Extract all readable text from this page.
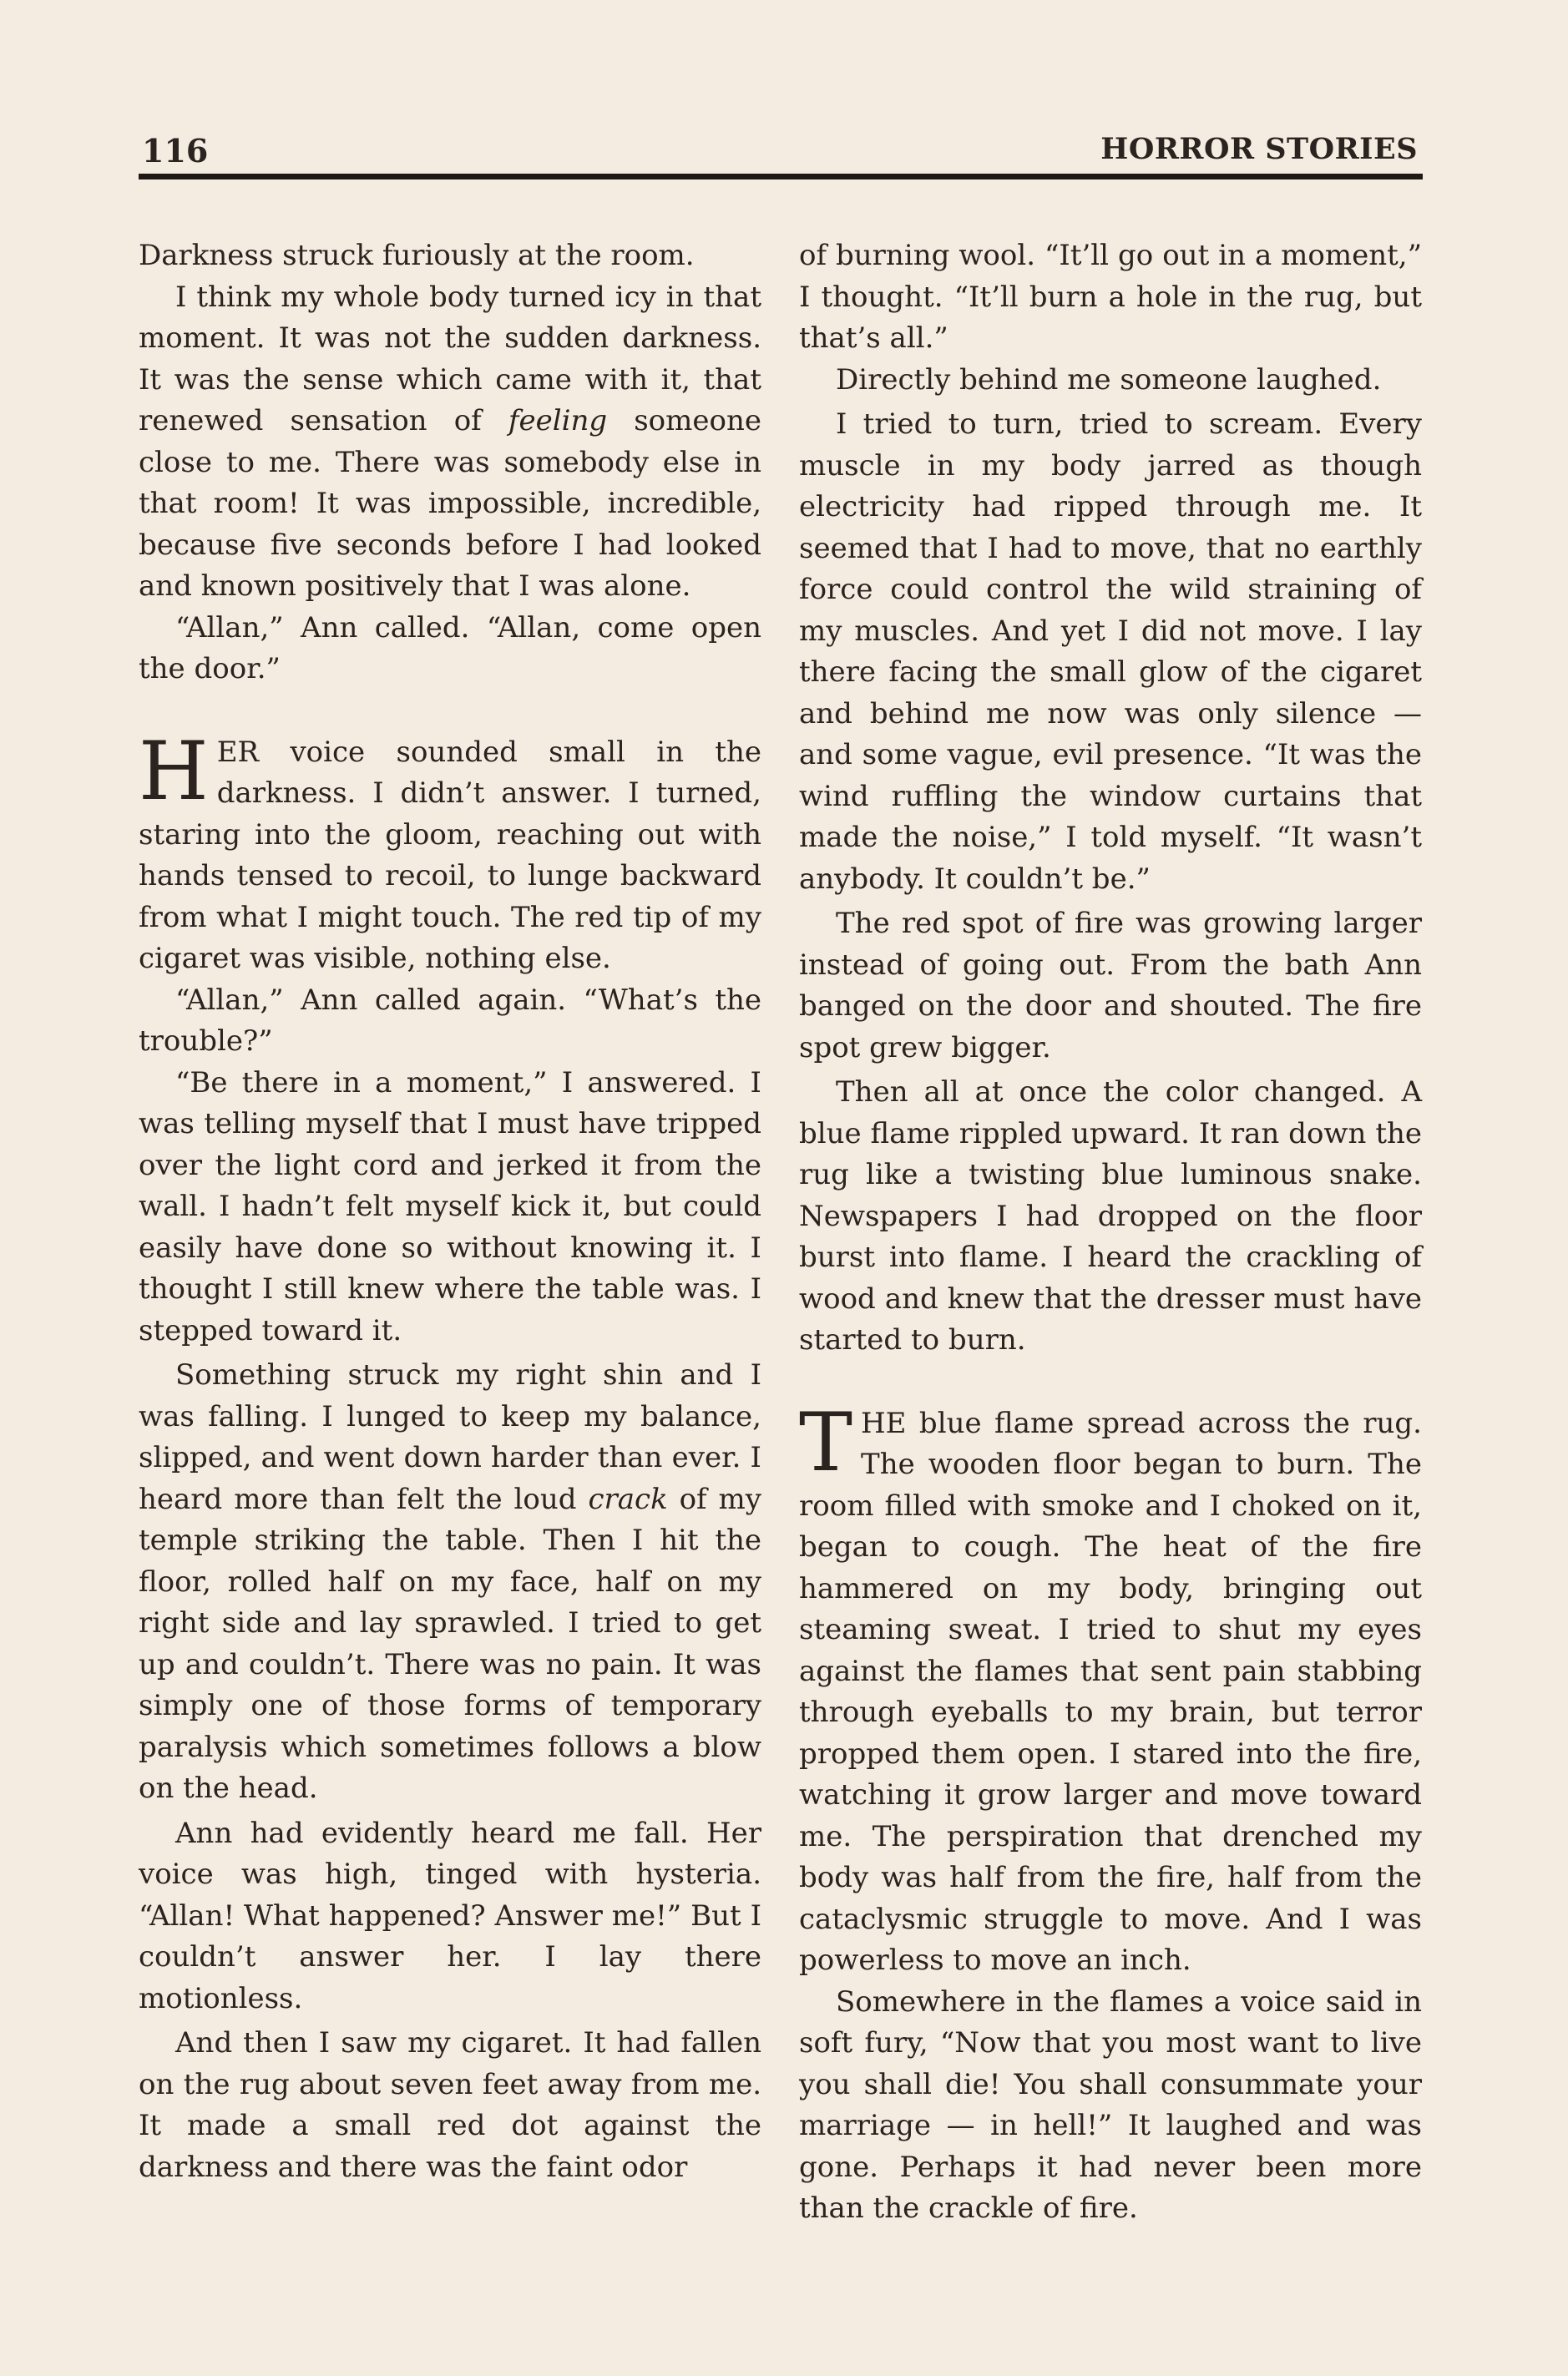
116	HORROR STORIES

Darkness struck furiously at the room.

I think my whole body turned icy in that moment. It was not the sudden darkness. It was the sense which came with it, that renewed sensation of feeling someone close to me. There was somebody else in that room! It was impossible, incredible, because five seconds before I had looked and known positively that I was alone.

“Allan,” Ann called. “Allan, come open the door.”

HER voice sounded small in the darkness. I didn’t answer. I turned, staring into the gloom, reaching out with hands tensed to recoil, to lunge backward from what I might touch. The red tip of my cigaret was visible, nothing else.

“Allan,” Ann called again. “What’s the trouble?”

“Be there in a moment,” I answered. I was telling myself that I must have tripped over the light cord and jerked it from the wall. I hadn’t felt myself kick it, but could easily have done so without knowing it. I thought I still knew where the table was. I stepped toward it.

Something struck my right shin and I was falling. I lunged to keep my balance, slipped, and went down harder than ever. I heard more than felt the loud crack of my temple striking the table. Then I hit the floor, rolled half on my face, half on my right side and lay sprawled. I tried to get up and couldn’t. There was no pain. It was simply one of those forms of temporary paralysis which sometimes follows a blow on the head.

Ann had evidently heard me fall. Her voice was high, tinged with hysteria. “Allan! What happened? Answer me!” But I couldn’t answer her. I lay there motionless.

And then I saw my cigaret. It had fallen on the rug about seven feet away from me. It made a small red dot against the darkness and there was the faint odor

of burning wool. “It’ll go out in a moment,” I thought. “It’ll burn a hole in the rug, but that’s all.”

Directly behind me someone laughed.

I tried to turn, tried to scream. Every muscle in my body jarred as though electricity had ripped through me. It seemed that I had to move, that no earthly force could control the wild straining of my muscles. And yet I did not move. I lay there facing the small glow of the cigaret and behind me now was only silence — and some vague, evil presence. “It was the wind ruffling the window curtains that made the noise,” I told myself. “It wasn’t anybody. It couldn’t be.”

The red spot of fire was growing larger instead of going out. From the bath Ann banged on the door and shouted. The fire spot grew bigger.

Then all at once the color changed. A blue flame rippled upward. It ran down the rug like a twisting blue luminous snake. Newspapers I had dropped on the floor burst into flame. I heard the crackling of wood and knew that the dresser must have started to burn.

THE blue flame spread across the rug. The wooden floor began to burn. The room filled with smoke and I choked on it, began to cough. The heat of the fire hammered on my body, bringing out steaming sweat. I tried to shut my eyes against the flames that sent pain stabbing through eyeballs to my brain, but terror propped them open. I stared into the fire, watching it grow larger and move toward me. The perspiration that drenched my body was half from the fire, half from the cataclysmic struggle to move. And I was powerless to move an inch.

Somewhere in the flames a voice said in soft fury, “Now that you most want to live you shall die! You shall consummate your marriage — in hell!” It laughed and was gone. Perhaps it had never been more than the crackle of fire.
